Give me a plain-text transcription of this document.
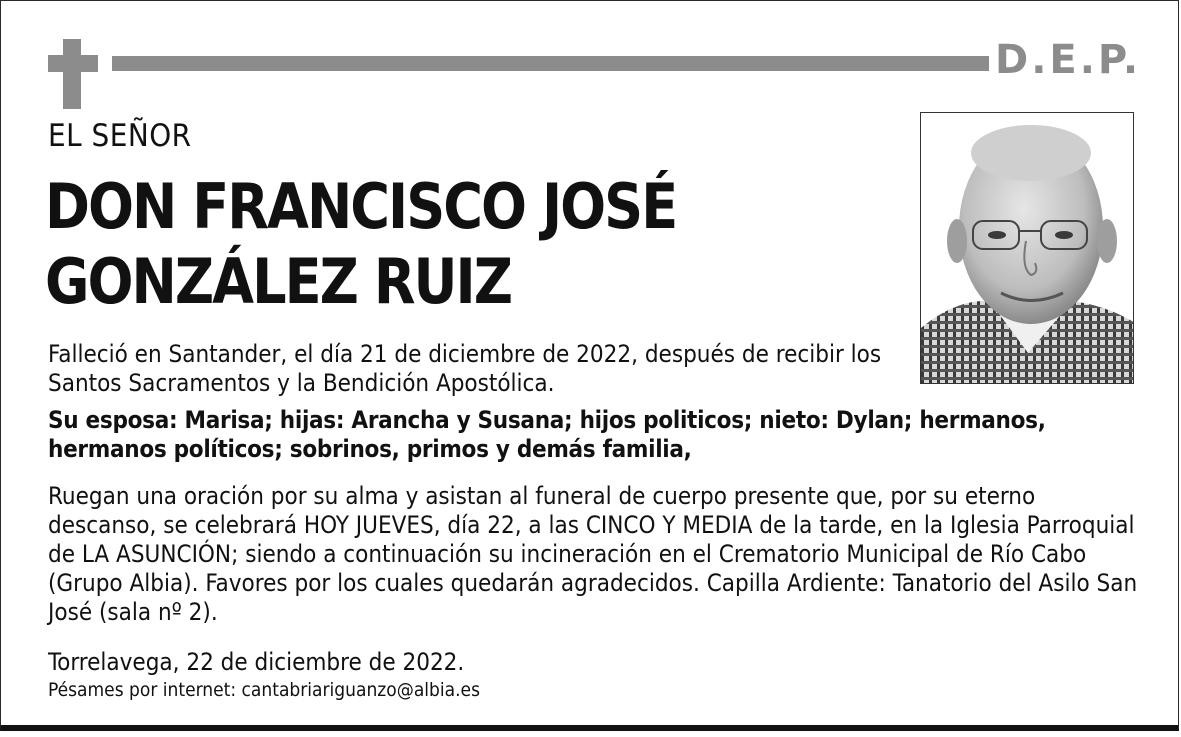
D.E.P.
EL SEÑOR
DON FRANCISCO JOSÉ
GONZÁLEZ RUIZ
Falleció en Santander, el día 21 de diciembre de 2022, después de recibir los Santos Sacramentos y la Bendición Apostólica.
Su esposa: Marisa; hijas: Arancha y Susana; hijos politicos; nieto: Dylan; hermanos, hermanos políticos; sobrinos, primos y demás familia,
Ruegan una oración por su alma y asistan al funeral de cuerpo presente que, por su eterno descanso, se celebrará HOY JUEVES, día 22, a las CINCO Y MEDIA de la tarde, en la Iglesia Parroquial de LA ASUNCIÓN; siendo a continuación su incineración en el Crematorio Municipal de Río Cabo (Grupo Albia). Favores por los cuales quedarán agradecidos. Capilla Ardiente: Tanatorio del Asilo San José (sala nº 2).
Torrelavega, 22 de diciembre de 2022.
Pésames por internet: cantabriariguanzo@albia.es
